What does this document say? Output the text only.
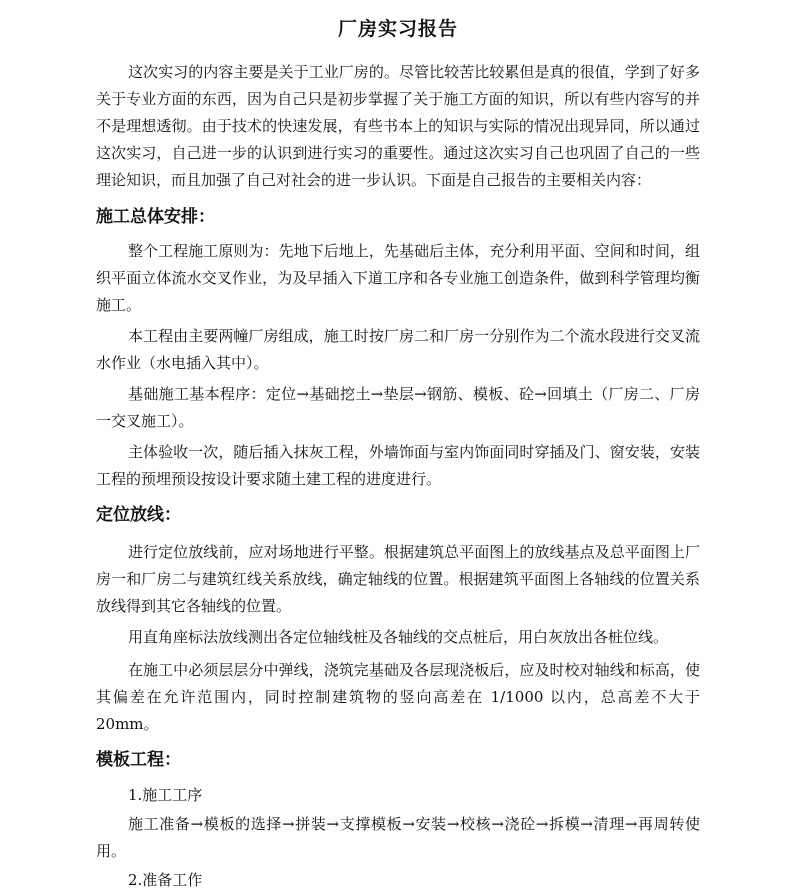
厂房实习报告

这次实习的内容主要是关于工业厂房的。尽管比较苦比较累但是真的很值，学到了好多关于专业方面的东西，因为自己只是初步掌握了关于施工方面的知识，所以有些内容写的并不是理想透彻。由于技术的快速发展，有些书本上的知识与实际的情况出现异同，所以通过这次实习，自己进一步的认识到进行实习的重要性。通过这次实习自己也巩固了自己的一些理论知识，而且加强了自己对社会的进一步认识。下面是自己报告的主要相关内容：

施工总体安排：

整个工程施工原则为：先地下后地上，先基础后主体，充分利用平面、空间和时间，组织平面立体流水交叉作业，为及早插入下道工序和各专业施工创造条件，做到科学管理均衡施工。

本工程由主要两幢厂房组成，施工时按厂房二和厂房一分别作为二个流水段进行交叉流水作业（水电插入其中）。

基础施工基本程序：定位→基础挖土→垫层→钢筋、模板、砼→回填土（厂房二、厂房一交叉施工）。

主体验收一次，随后插入抹灰工程，外墙饰面与室内饰面同时穿插及门、窗安装，安装工程的预埋预设按设计要求随土建工程的进度进行。

定位放线：

进行定位放线前，应对场地进行平整。根据建筑总平面图上的放线基点及总平面图上厂房一和厂房二与建筑红线关系放线，确定轴线的位置。根据建筑平面图上各轴线的位置关系放线得到其它各轴线的位置。

用直角座标法放线测出各定位轴线桩及各轴线的交点桩后，用白灰放出各桩位线。

在施工中必须层层分中弹线，浇筑完基础及各层现浇板后，应及时校对轴线和标高，使其偏差在允许范围内，同时控制建筑物的竖向高差在 1/1000 以内，总高差不大于 20mm。

模板工程：

1.施工工序

施工准备→模板的选择→拼装→支撑模板→安装→校核→浇砼→拆模→清理→再周转使用。

2.准备工作
